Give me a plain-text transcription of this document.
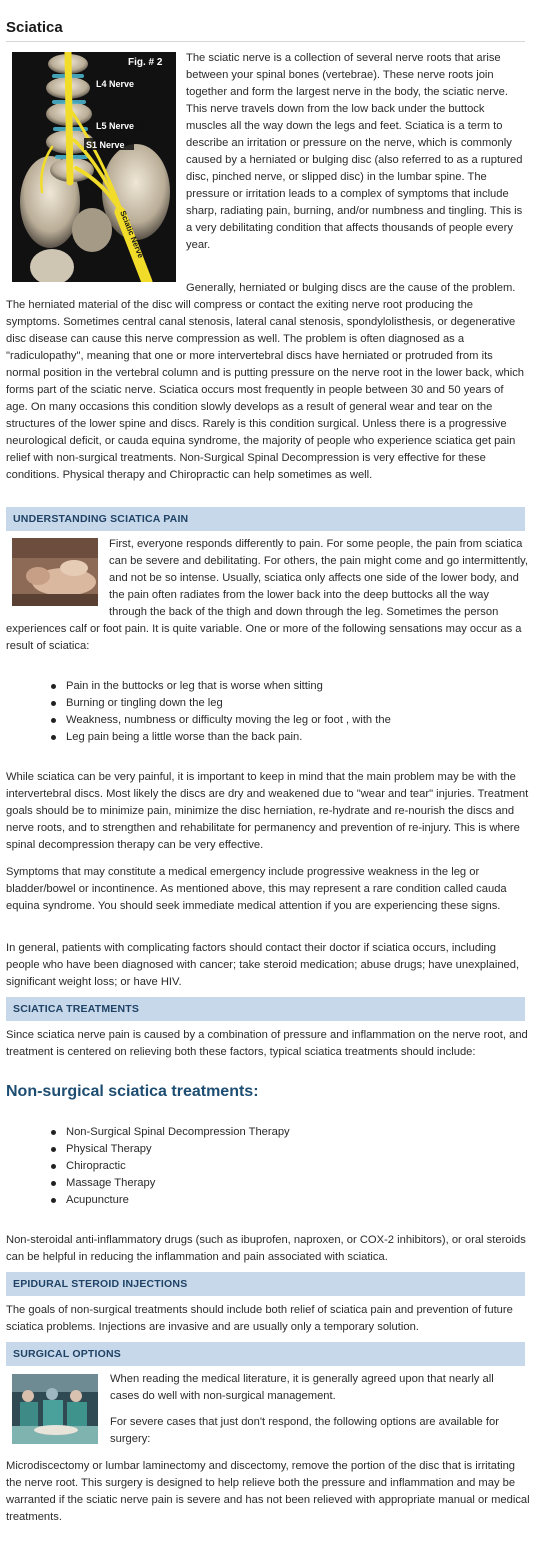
Sciatica
Fig. # 2
L4 Nerve
L5 Nerve
S1 Nerve
Sciatic Nerve

The sciatic nerve is a collection of several nerve roots that arise between your spinal bones (vertebrae). These nerve roots join together and form the largest nerve in the body, the sciatic nerve. This nerve travels down from the low back under the buttock muscles all the way down the legs and feet. Sciatica is a term to describe an irritation or pressure on the nerve, which is commonly caused by a herniated or bulging disc (also referred to as a ruptured disc, pinched nerve, or slipped disc) in the lumbar spine. The pressure or irritation leads to a complex of symptoms that include sharp, radiating pain, burning, and/or numbness and tingling. This is a very debilitating condition that affects thousands of people every year.

Generally, herniated or bulging discs are the cause of the problem. The herniated material of the disc will compress or contact the exiting nerve root producing the symptoms. Sometimes central canal stenosis, lateral canal stenosis, spondylolisthesis, or degenerative disc disease can cause this nerve compression as well. The problem is often diagnosed as a "radiculopathy", meaning that one or more intervertebral discs have herniated or protruded from its normal position in the vertebral column and is putting pressure on the nerve root in the lower back, which forms part of the sciatic nerve. Sciatica occurs most frequently in people between 30 and 50 years of age. On many occasions this condition slowly develops as a result of general wear and tear on the structures of the lower spine and discs. Rarely is this condition surgical. Unless there is a progressive neurological deficit, or cauda equina syndrome, the majority of people who experience sciatica get pain relief with non-surgical treatments. Non-Surgical Spinal Decompression is very effective for these conditions. Physical therapy and Chiropractic can help sometimes as well.

UNDERSTANDING SCIATICA PAIN

First, everyone responds differently to pain. For some people, the pain from sciatica can be severe and debilitating. For others, the pain might come and go intermittently, and not be so intense. Usually, sciatica only affects one side of the lower body, and the pain often radiates from the lower back into the deep buttocks all the way through the back of the thigh and down through the leg. Sometimes the person experiences calf or foot pain. It is quite variable. One or more of the following sensations may occur as a result of sciatica:

Pain in the buttocks or leg that is worse when sitting
Burning or tingling down the leg
Weakness, numbness or difficulty moving the leg or foot , with the
Leg pain being a little worse than the back pain.

While sciatica can be very painful, it is important to keep in mind that the main problem may be with the intervertebral discs. Most likely the discs are dry and weakened due to "wear and tear" injuries. Treatment goals should be to minimize pain, minimize the disc herniation, re-hydrate and re-nourish the discs and nerve roots, and to strengthen and rehabilitate for permanency and prevention of re-injury. This is where spinal decompression therapy can be very effective.

Symptoms that may constitute a medical emergency include progressive weakness in the leg or bladder/bowel or incontinence. As mentioned above, this may represent a rare condition called cauda equina syndrome. You should seek immediate medical attention if you are experiencing these signs.

In general, patients with complicating factors should contact their doctor if sciatica occurs, including people who have been diagnosed with cancer; take steroid medication; abuse drugs; have unexplained, significant weight loss; or have HIV.

SCIATICA TREATMENTS

Since sciatica nerve pain is caused by a combination of pressure and inflammation on the nerve root, and treatment is centered on relieving both these factors, typical sciatica treatments should include:

Non-surgical sciatica treatments:
Non-Surgical Spinal Decompression Therapy
Physical Therapy
Chiropractic
Massage Therapy
Acupuncture

Non-steroidal anti-inflammatory drugs (such as ibuprofen, naproxen, or COX-2 inhibitors), or oral steroids can be helpful in reducing the inflammation and pain associated with sciatica.

EPIDURAL STEROID INJECTIONS

The goals of non-surgical treatments should include both relief of sciatica pain and prevention of future sciatica problems. Injections are invasive and are usually only a temporary solution.

SURGICAL OPTIONS

When reading the medical literature, it is generally agreed upon that nearly all cases do well with non-surgical management.

For severe cases that just don't respond, the following options are available for surgery:

Microdiscectomy or lumbar laminectomy and discectomy, remove the portion of the disc that is irritating the nerve root. This surgery is designed to help relieve both the pressure and inflammation and may be warranted if the sciatic nerve pain is severe and has not been relieved with appropriate manual or medical treatments.
